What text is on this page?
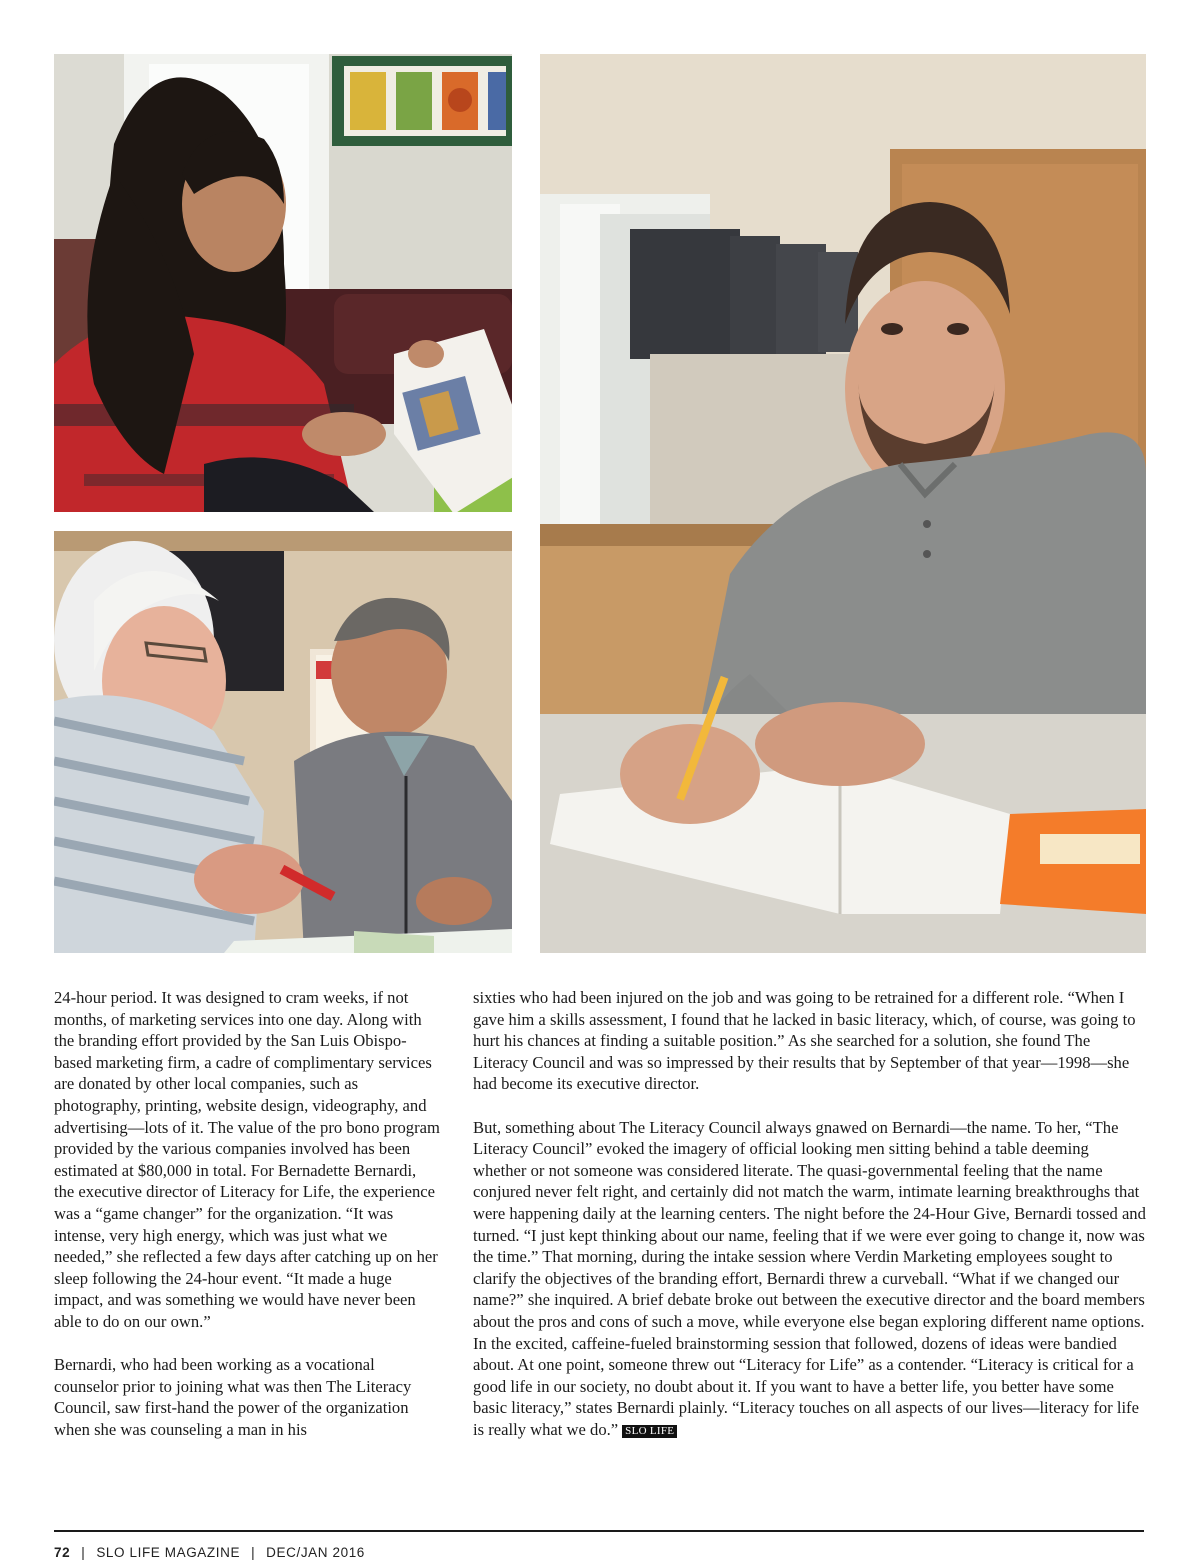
24-hour period. It was designed to cram weeks, if not months, of marketing services into one day. Along with the branding effort provided by the San Luis Obispo-based marketing firm, a cadre of complimentary services are donated by other local companies, such as photography, printing, website design, videography, and advertising—lots of it. The value of the pro bono program provided by the various companies involved has been estimated at $80,000 in total. For Bernadette Bernardi, the executive director of Literacy for Life, the experience was a “game changer” for the organization. “It was intense, very high energy, which was just what we needed,” she reflected a few days after catching up on her sleep following the 24-hour event. “It made a huge impact, and was something we would have never been able to do on our own.”

Bernardi, who had been working as a vocational counselor prior to joining what was then The Literacy Council, saw first-hand the power of the organization when she was counseling a man in his

sixties who had been injured on the job and was going to be retrained for a different role. “When I gave him a skills assessment, I found that he lacked in basic literacy, which, of course, was going to hurt his chances at finding a suitable position.” As she searched for a solution, she found The Literacy Council and was so impressed by their results that by September of that year—1998—she had become its executive director.

But, something about The Literacy Council always gnawed on Bernardi—the name. To her, “The Literacy Council” evoked the imagery of official looking men sitting behind a table deeming whether or not someone was considered literate. The quasi-governmental feeling that the name conjured never felt right, and certainly did not match the warm, intimate learning breakthroughs that were happening daily at the learning centers. The night before the 24-Hour Give, Bernardi tossed and turned. “I just kept thinking about our name, feeling that if we were ever going to change it, now was the time.” That morning, during the intake session where Verdin Marketing employees sought to clarify the objectives of the branding effort, Bernardi threw a curveball. “What if we changed our name?” she inquired. A brief debate broke out between the executive director and the board members about the pros and cons of such a move, while everyone else began exploring different name options. In the excited, caffeine-fueled brainstorming session that followed, dozens of ideas were bandied about. At one point, someone threw out “Literacy for Life” as a contender. “Literacy is critical for a good life in our society, no doubt about it. If you want to have a better life, you better have some basic literacy,” states Bernardi plainly. “Literacy touches on all aspects of our lives—literacy for life is really what we do.” SLO LIFE

72 | SLO LIFE MAGAZINE | DEC/JAN 2016
